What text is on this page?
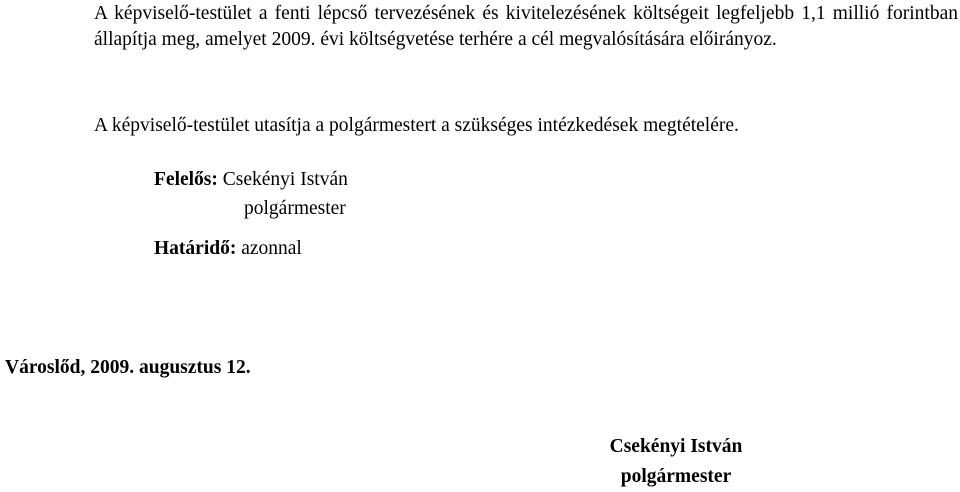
A képviselő-testület a fenti lépcső tervezésének és kivitelezésének költségeit legfeljebb 1,1 millió forintban állapítja meg, amelyet 2009. évi költségvetése terhére a cél megvalósítására előirányoz.

A képviselő-testület utasítja a polgármestert a szükséges intézkedések megtételére.

Felelős: Csekényi István
polgármester
Határidő: azonnal
Városlőd, 2009. augusztus 12.
Csekényi István
polgármester
